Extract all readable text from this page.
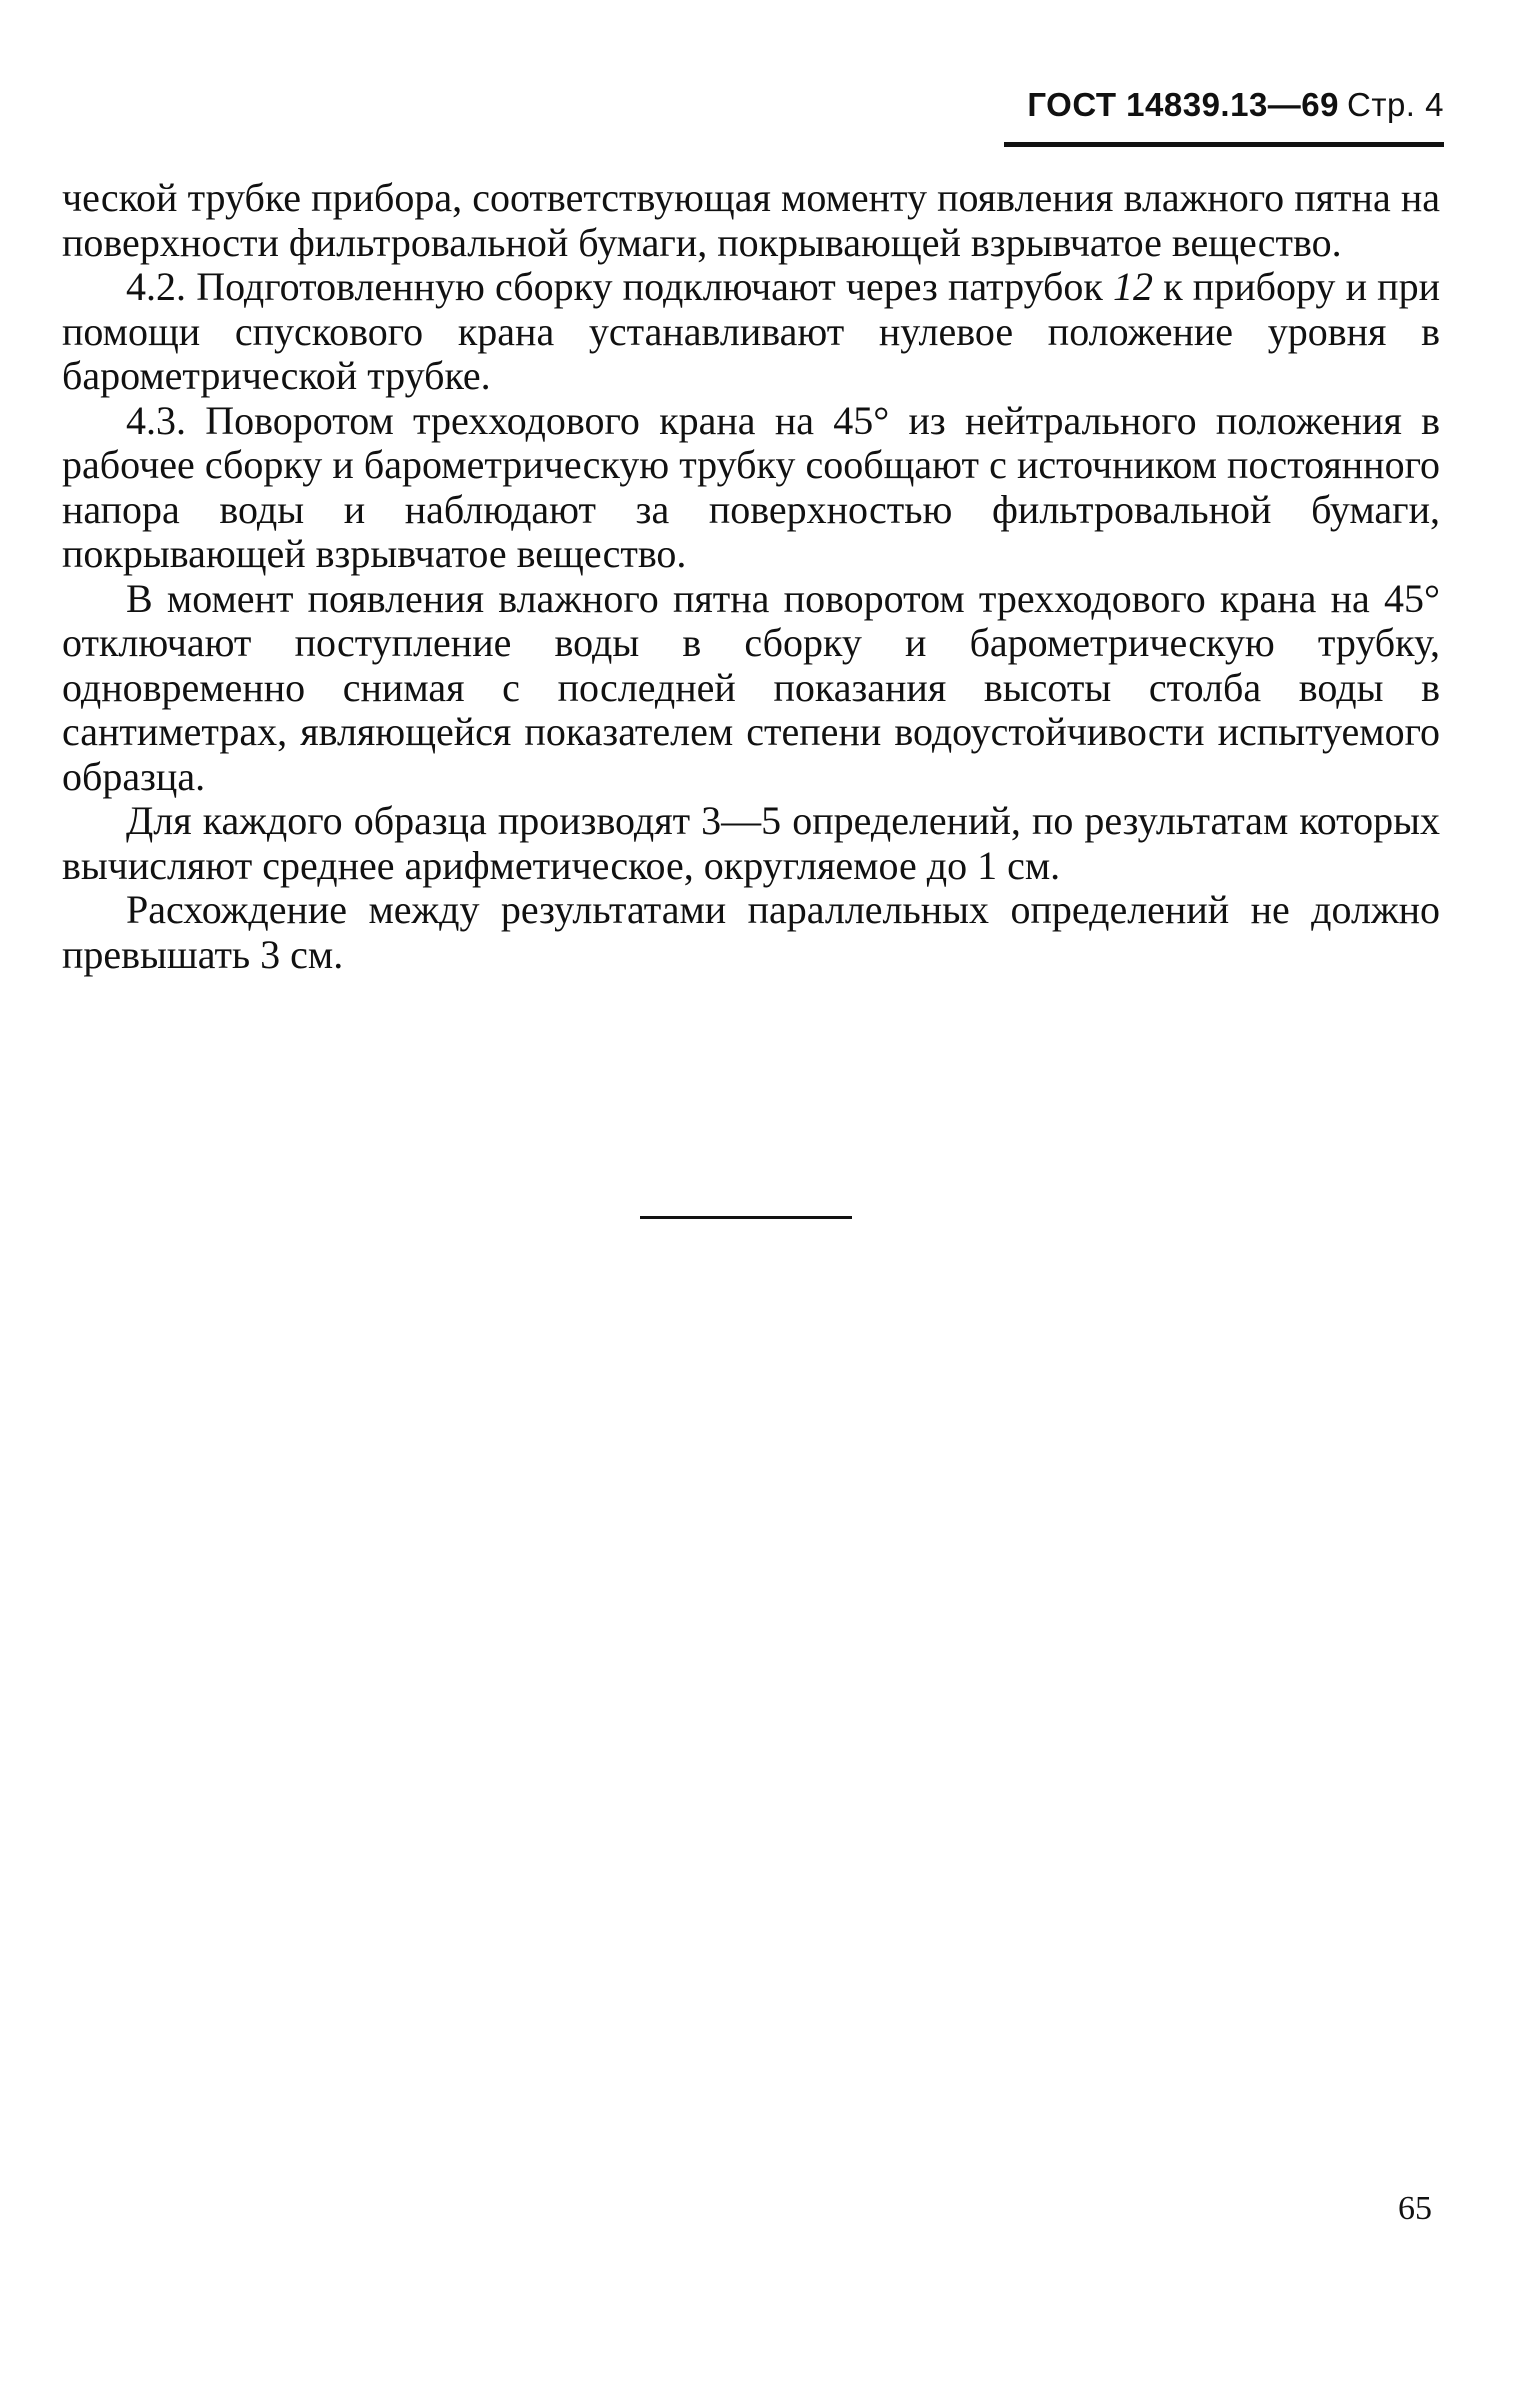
ГОСТ 14839.13—69 Стр. 4

ческой трубке прибора, соответствующая моменту появления влажного пятна на поверхности фильтровальной бумаги, покрывающей взрывчатое вещество.

4.2. Подготовленную сборку подключают через патрубок 12 к прибору и при помощи спускового крана устанавливают нулевое положение уровня в барометрической трубке.

4.3. Поворотом трехходового крана на 45° из нейтрального положения в рабочее сборку и барометрическую трубку сообщают с источником постоянного напора воды и наблюдают за поверхностью фильтровальной бумаги, покрывающей взрывчатое вещество.

В момент появления влажного пятна поворотом трехходового крана на 45° отключают поступление воды в сборку и барометрическую трубку, одновременно снимая с последней показания высоты столба воды в сантиметрах, являющейся показателем степени водоустойчивости испытуемого образца.

Для каждого образца производят 3—5 определений, по результатам которых вычисляют среднее арифметическое, округляемое до 1 см.

Расхождение между результатами параллельных определений не должно превышать 3 см.

65
